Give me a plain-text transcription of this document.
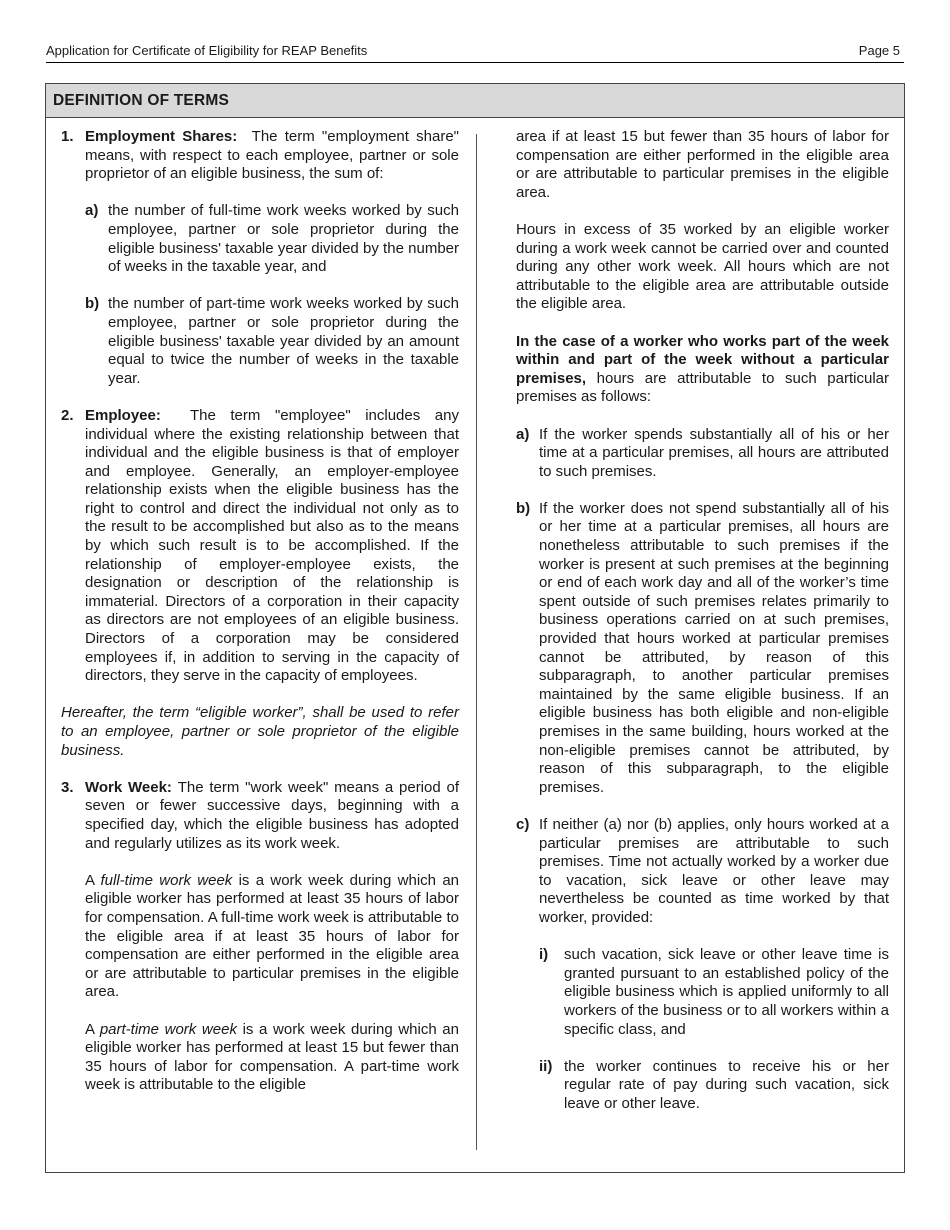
Application for Certificate of Eligibility for REAP Benefits	Page 5
DEFINITION OF TERMS
1. Employment Shares: The term "employment share" means, with respect to each employee, partner or sole proprietor of an eligible business, the sum of:

a) the number of full-time work weeks worked by such employee, partner or sole proprietor during the eligible business' taxable year divided by the number of weeks in the taxable year, and

b) the number of part-time work weeks worked by such employee, partner or sole proprietor during the eligible business' taxable year divided by an amount equal to twice the number of weeks in the taxable year.

2. Employee: The term "employee" includes any individual where the existing relationship between that individual and the eligible business is that of employer and employee. Generally, an employer-employee relationship exists when the eligible business has the right to control and direct the individual not only as to the result to be accomplished but also as to the means by which such result is to be accomplished. If the relationship of employer-employee exists, the designation or description of the relationship is immaterial. Directors of a corporation in their capacity as directors are not employees of an eligible business. Directors of a corporation may be considered employees if, in addition to serving in the capacity of directors, they serve in the capacity of employees.

Hereafter, the term “eligible worker”, shall be used to refer to an employee, partner or sole proprietor of the eligible business.

3. Work Week: The term "work week" means a period of seven or fewer successive days, beginning with a specified day, which the eligible business has adopted and regularly utilizes as its work week.

A full-time work week is a work week during which an eligible worker has performed at least 35 hours of labor for compensation. A full-time work week is attributable to the eligible area if at least 35 hours of labor for compensation are either performed in the eligible area or are attributable to particular premises in the eligible area.

A part-time work week is a work week during which an eligible worker has performed at least 15 but fewer than 35 hours of labor for compensation. A part-time work week is attributable to the eligible

area if at least 15 but fewer than 35 hours of labor for compensation are either performed in the eligible area or are attributable to particular premises in the eligible area.

Hours in excess of 35 worked by an eligible worker during a work week cannot be carried over and counted during any other work week. All hours which are not attributable to the eligible area are attributable outside the eligible area.

In the case of a worker who works part of the week within and part of the week without a particular premises, hours are attributable to such particular premises as follows:

a) If the worker spends substantially all of his or her time at a particular premises, all hours are attributed to such premises.

b) If the worker does not spend substantially all of his or her time at a particular premises, all hours are nonetheless attributable to such premises if the worker is present at such premises at the beginning or end of each work day and all of the worker’s time spent outside of such premises relates primarily to business operations carried on at such premises, provided that hours worked at particular premises cannot be attributed, by reason of this subparagraph, to another particular premises maintained by the same eligible business. If an eligible business has both eligible and non-eligible premises in the same building, hours worked at the non-eligible premises cannot be attributed, by reason of this subparagraph, to the eligible premises.

c) If neither (a) nor (b) applies, only hours worked at a particular premises are attributable to such premises. Time not actually worked by a worker due to vacation, sick leave or other leave may nevertheless be counted as time worked by that worker, provided:

i)	such vacation, sick leave or other leave time is granted pursuant to an established policy of the eligible business which is applied uniformly to all workers of the business or to all workers within a specific class, and

ii) the worker continues to receive his or her regular rate of pay during such vacation, sick leave or other leave.
